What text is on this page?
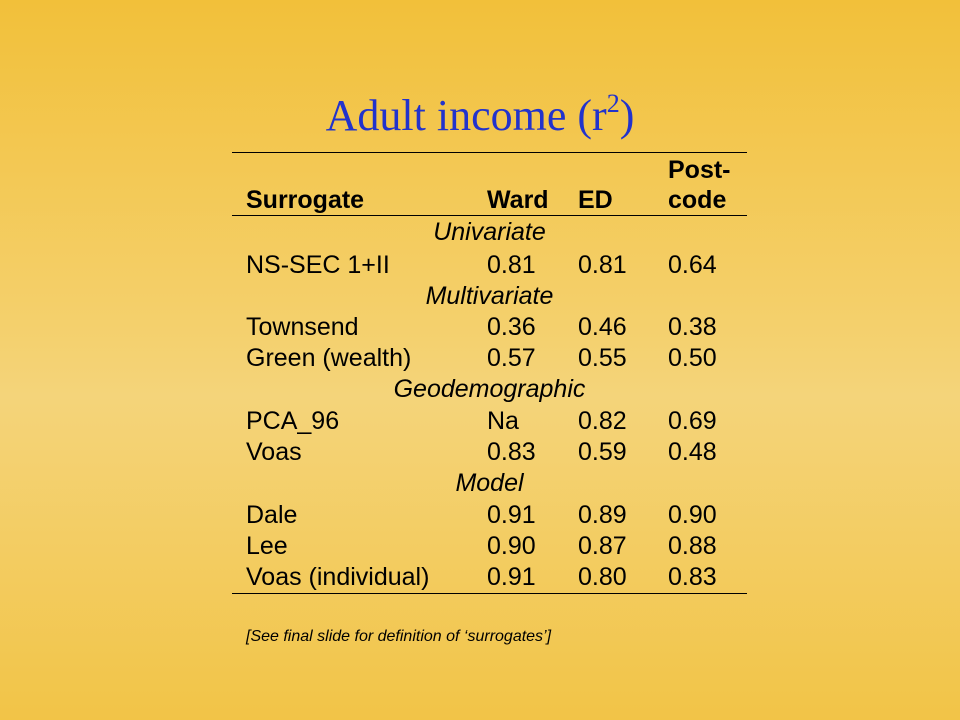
Adult income $(r^2)$
Post-
Surrogate	Ward ED code
Univariate
NS-SEC 1+II	0.81 0.81 0.64
Multivariate
Townsend	0.36 0.46 0.38
Green (wealth)	0.57 0.55 0.50
Geodemographic
PCA_96	Na 0.82 0.69
Voas	0.83 0.59 0.48
Model
Dale	0.91 0.89 0.90
Lee	0.90 0.87 0.88
Voas (individual) 0.91 0.80 0.83
[See final slide for definition of ‘surrogates’]
